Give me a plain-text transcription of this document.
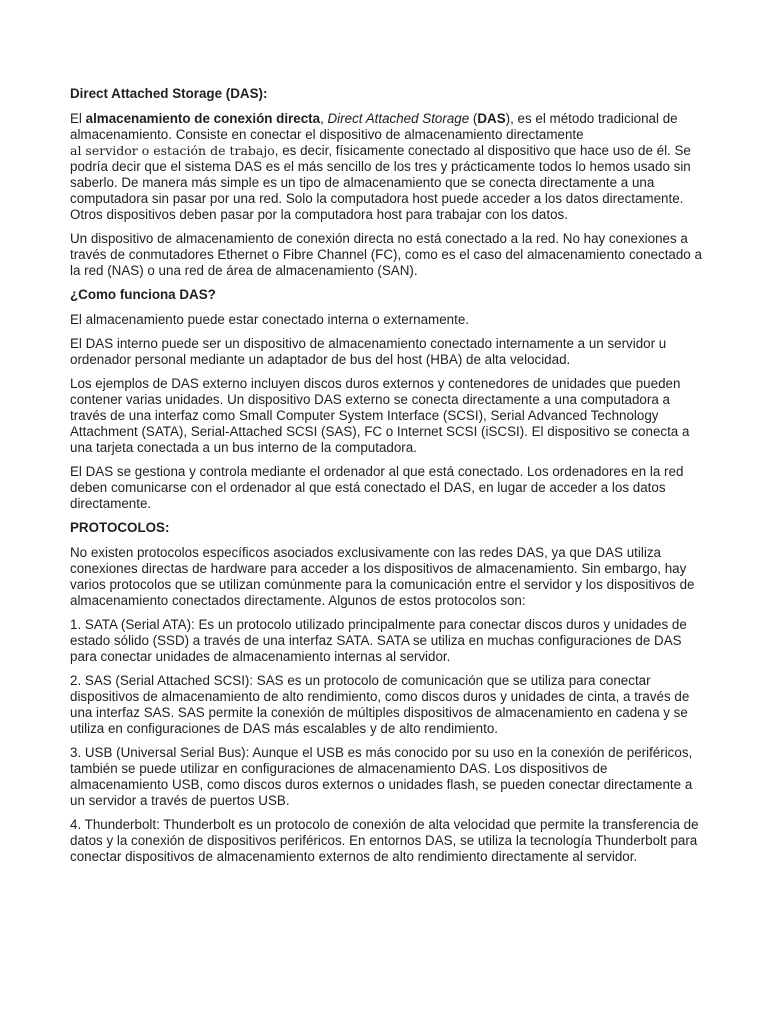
Direct Attached Storage (DAS):

El almacenamiento de conexión directa, Direct Attached Storage (DAS), es el método tradicional de almacenamiento. Consiste en conectar el dispositivo de almacenamiento directamente
al servidor o estación de trabajo, es decir, físicamente conectado al dispositivo que hace uso de él. Se podría decir que el sistema DAS es el más sencillo de los tres y prácticamente todos lo hemos usado sin saberlo. De manera más simple es un tipo de almacenamiento que se conecta directamente a una computadora sin pasar por una red. Solo la computadora host puede acceder a los datos directamente. Otros dispositivos deben pasar por la computadora host para trabajar con los datos.

Un dispositivo de almacenamiento de conexión directa no está conectado a la red. No hay conexiones a través de conmutadores Ethernet o Fibre Channel (FC), como es el caso del almacenamiento conectado a la red (NAS) o una red de área de almacenamiento (SAN).

¿Como funciona DAS?

El almacenamiento puede estar conectado interna o externamente.

El DAS interno puede ser un dispositivo de almacenamiento conectado internamente a un servidor u ordenador personal mediante un adaptador de bus del host (HBA) de alta velocidad.

Los ejemplos de DAS externo incluyen discos duros externos y contenedores de unidades que pueden contener varias unidades. Un dispositivo DAS externo se conecta directamente a una computadora a través de una interfaz como Small Computer System Interface (SCSI), Serial Advanced Technology Attachment (SATA), Serial-Attached SCSI (SAS), FC o Internet SCSI (iSCSI). El dispositivo se conecta a una tarjeta conectada a un bus interno de la computadora.

El DAS se gestiona y controla mediante el ordenador al que está conectado. Los ordenadores en la red deben comunicarse con el ordenador al que está conectado el DAS, en lugar de acceder a los datos directamente.

PROTOCOLOS:

No existen protocolos específicos asociados exclusivamente con las redes DAS, ya que DAS utiliza conexiones directas de hardware para acceder a los dispositivos de almacenamiento. Sin embargo, hay varios protocolos que se utilizan comúnmente para la comunicación entre el servidor y los dispositivos de almacenamiento conectados directamente. Algunos de estos protocolos son:

1. SATA (Serial ATA): Es un protocolo utilizado principalmente para conectar discos duros y unidades de estado sólido (SSD) a través de una interfaz SATA. SATA se utiliza en muchas configuraciones de DAS para conectar unidades de almacenamiento internas al servidor.

2. SAS (Serial Attached SCSI): SAS es un protocolo de comunicación que se utiliza para conectar dispositivos de almacenamiento de alto rendimiento, como discos duros y unidades de cinta, a través de una interfaz SAS. SAS permite la conexión de múltiples dispositivos de almacenamiento en cadena y se utiliza en configuraciones de DAS más escalables y de alto rendimiento.

3. USB (Universal Serial Bus): Aunque el USB es más conocido por su uso en la conexión de periféricos, también se puede utilizar en configuraciones de almacenamiento DAS. Los dispositivos de almacenamiento USB, como discos duros externos o unidades flash, se pueden conectar directamente a un servidor a través de puertos USB.

4. Thunderbolt: Thunderbolt es un protocolo de conexión de alta velocidad que permite la transferencia de datos y la conexión de dispositivos periféricos. En entornos DAS, se utiliza la tecnología Thunderbolt para conectar dispositivos de almacenamiento externos de alto rendimiento directamente al servidor.
